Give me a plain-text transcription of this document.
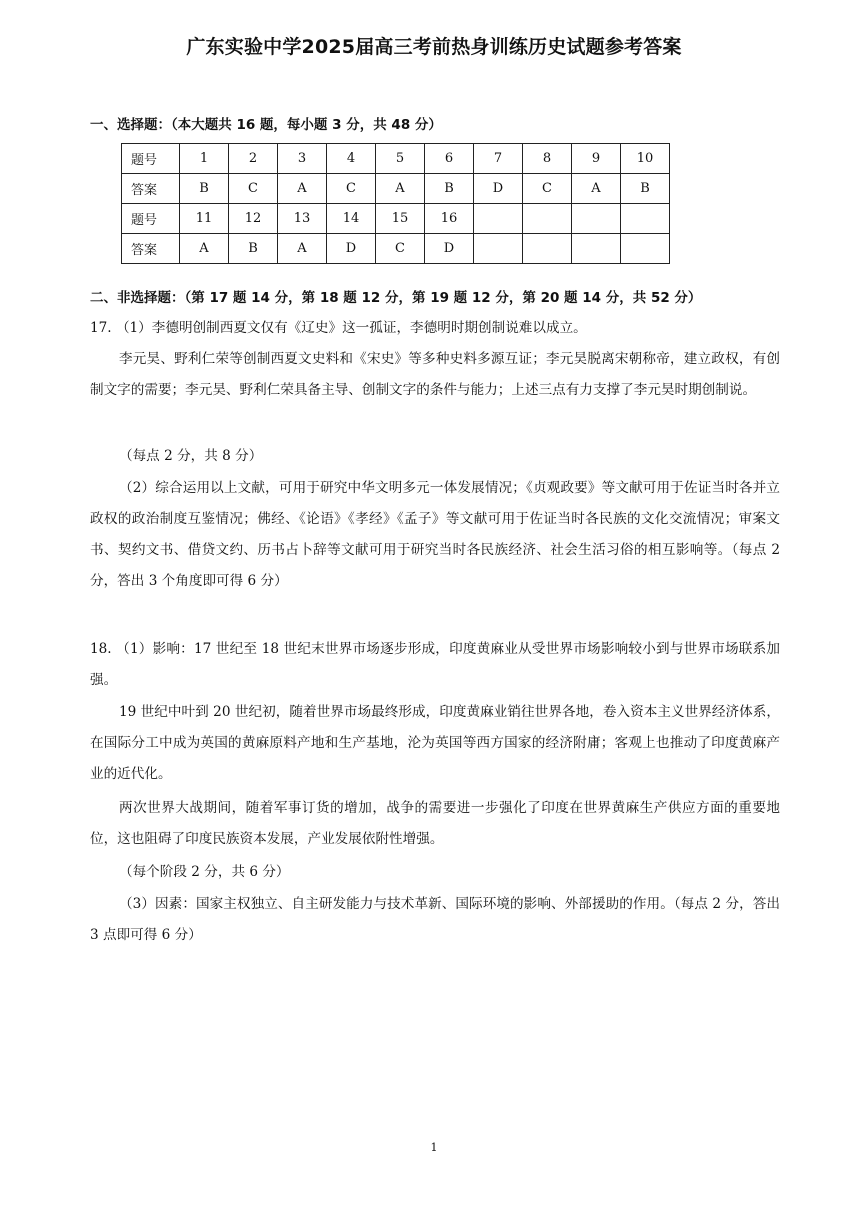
广东实验中学2025届高三考前热身训练历史试题参考答案

一、选择题：（本大题共 16 题，每小题 3 分，共 48 分）

题号	1	2	3	4	5	6	7	8	9	10
答案	B	C	A	C	A	B	D	C	A	B
题号	11	12	13	14	15	16				
答案	A	B	A	D	C	D				

二、非选择题：（第 17 题 14 分，第 18 题 12 分，第 19 题 12 分，第 20 题 14 分，共 52 分）

17. （1）李德明创制西夏文仅有《辽史》这一孤证，李德明时期创制说难以成立。

李元昊、野利仁荣等创制西夏文史料和《宋史》等多种史料多源互证；李元昊脱离宋朝称帝，建立政权，有创制文字的需要；李元昊、野利仁荣具备主导、创制文字的条件与能力；上述三点有力支撑了李元昊时期创制说。

（每点 2 分，共 8 分）

（2）综合运用以上文献，可用于研究中华文明多元一体发展情况；《贞观政要》等文献可用于佐证当时各并立政权的政治制度互鉴情况；佛经、《论语》《孝经》《孟子》等文献可用于佐证当时各民族的文化交流情况；审案文书、契约文书、借贷文约、历书占卜辞等文献可用于研究当时各民族经济、社会生活习俗的相互影响等。（每点 2 分，答出 3 个角度即可得 6 分）

18. （1）影响：17 世纪至 18 世纪末世界市场逐步形成，印度黄麻业从受世界市场影响较小到与世界市场联系加强。

19 世纪中叶到 20 世纪初，随着世界市场最终形成，印度黄麻业销往世界各地，卷入资本主义世界经济体系，在国际分工中成为英国的黄麻原料产地和生产基地，沦为英国等西方国家的经济附庸；客观上也推动了印度黄麻产业的近代化。

两次世界大战期间，随着军事订货的增加，战争的需要进一步强化了印度在世界黄麻生产供应方面的重要地位，这也阻碍了印度民族资本发展，产业发展依附性增强。

（每个阶段 2 分，共 6 分）

（3）因素：国家主权独立、自主研发能力与技术革新、国际环境的影响、外部援助的作用。（每点 2 分，答出 3 点即可得 6 分）

1
